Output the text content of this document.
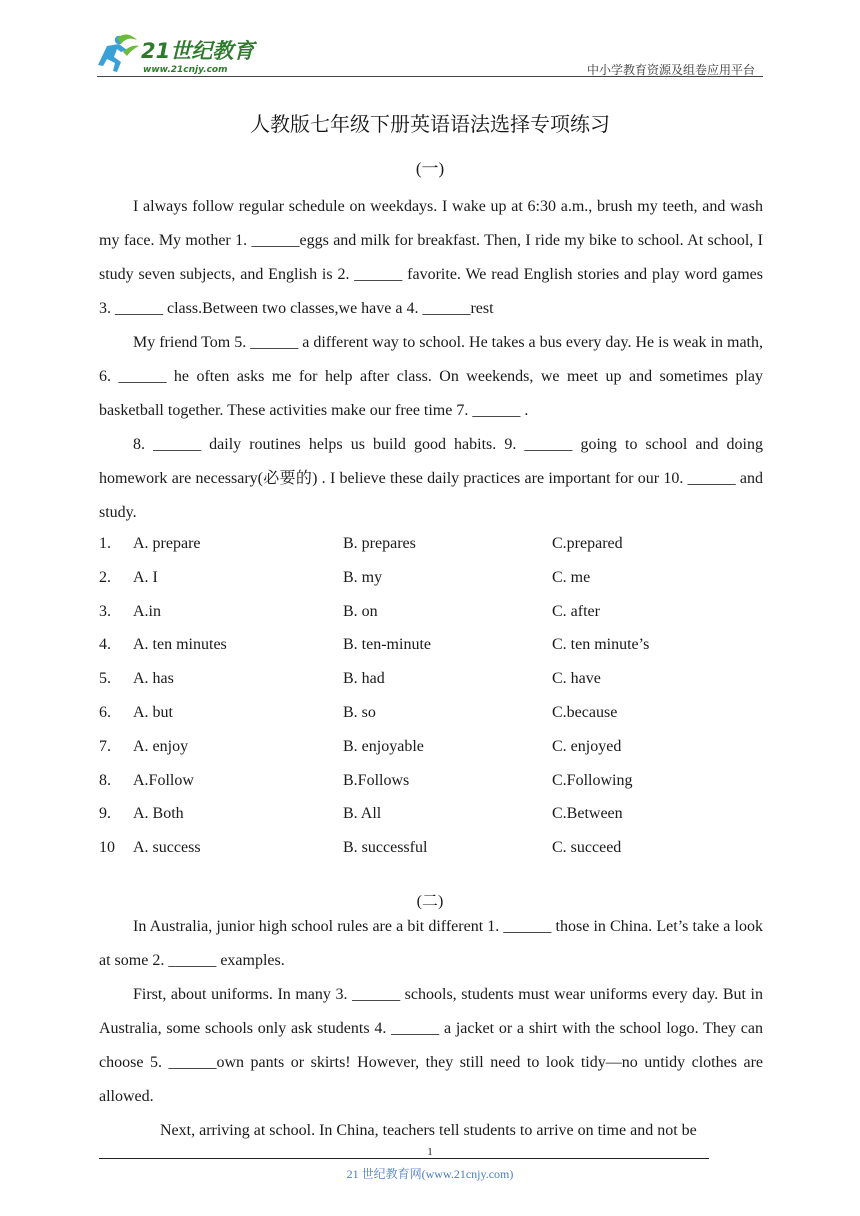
21世纪教育
www.21cnjy.com	中小学教育资源及组卷应用平台
人教版七年级下册英语语法选择专项练习
(一)

I always follow regular schedule on weekdays. I wake up at 6:30 a.m., brush my teeth, and wash my face. My mother 1. ______eggs and milk for breakfast. Then, I ride my bike to school. At school, I study seven subjects, and English is 2. ______ favorite. We read English stories and play word games 3. ______ class.Between two classes,we have a 4. ______rest

My friend Tom 5. ______ a different way to school. He takes a bus every day. He is weak in math, 6. ______ he often asks me for help after class. On weekends, we meet up and sometimes play basketball together. These activities make our free time 7. ______ .

8. ______ daily routines helps us build good habits. 9. ______ going to school and doing homework are necessary(必要的) . I believe these daily practices are important for our 10. ______ and study.

1. A. prepare	B. prepares	C.prepared
2. A. I	B. my	C. me
3. A.in	B. on	C. after
4. A. ten minutes	B. ten-minute	C. ten minute’s
5. A. has	B. had	C. have
6. A. but	B. so	C.because
7. A. enjoy	B. enjoyable	C. enjoyed
8. A.Follow	B.Follows	C.Following
9. A. Both	B. All	C.Between
10 A. success	B. successful	C. succeed
(二)

In Australia, junior high school rules are a bit different 1. ______ those in China. Let’s take a look at some 2. ______ examples.

First, about uniforms. In many 3. ______ schools, students must wear uniforms every day. But in Australia, some schools only ask students 4. ______ a jacket or a shirt with the school logo. They can choose 5. ______own pants or skirts! However, they still need to look tidy—no untidy clothes are allowed.

Next, arriving at school. In China, teachers tell students to arrive on time and not be

1
21 世纪教育网(www.21cnjy.com)
